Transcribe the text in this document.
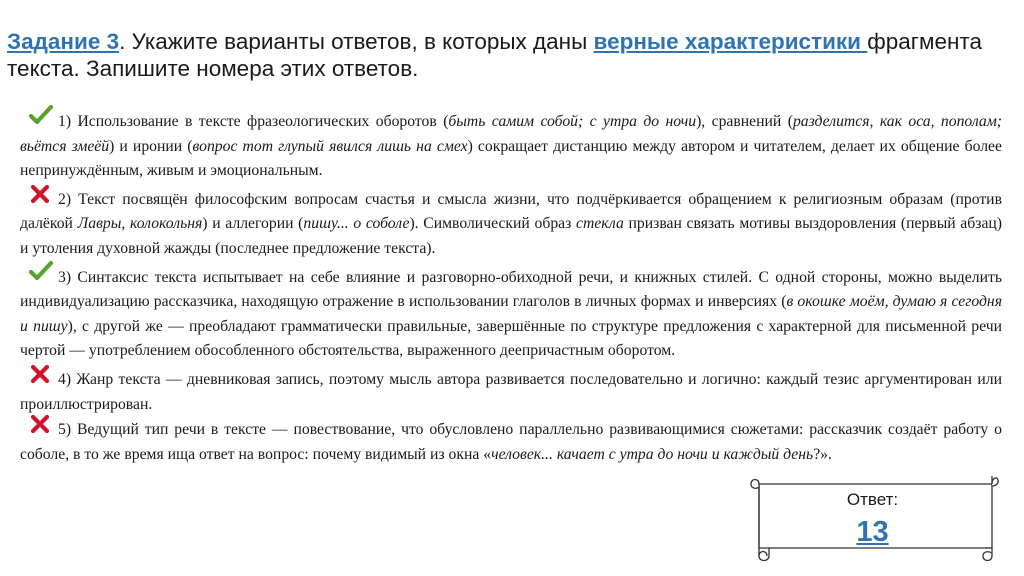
Задание 3. Укажите варианты ответов, в которых даны верные характеристики фрагмента текста. Запишите номера этих ответов.

1) Использование в тексте фразеологических оборотов (быть самим собой; с утра до ночи), сравнений (разделится, как оса, пополам; вьётся змеёй) и иронии (вопрос тот глупый явился лишь на смех) сокращает дистанцию между автором и читателем, делает их общение более непринуждённым, живым и эмоциональным.

2) Текст посвящён философским вопросам счастья и смысла жизни, что подчёркивается обращением к религиозным образам (против далёкой Лавры, колокольня) и аллегории (пишу... о соболе). Символический образ стекла призван связать мотивы выздоровления (первый абзац) и утоления духовной жажды (последнее предложение текста).

3) Синтаксис текста испытывает на себе влияние и разговорно-обиходной речи, и книжных стилей. С одной стороны, можно выделить индивидуализацию рассказчика, находящую отражение в использовании глаголов в личных формах и инверсиях (в окошке моём, думаю я сегодня и пишу), с другой же — преобладают грамматически правильные, завершённые по структуре предложения с характерной для письменной речи чертой — употреблением обособленного обстоятельства, выраженного деепричастным оборотом.

4) Жанр текста — дневниковая запись, поэтому мысль автора развивается последовательно и логично: каждый тезис аргументирован или проиллюстрирован.

5) Ведущий тип речи в тексте — повествование, что обусловлено параллельно развивающимися сюжетами: рассказчик создаёт работу о соболе, в то же время ища ответ на вопрос: почему видимый из окна «человек... качает с утра до ночи и каждый день?».

Ответ:
13
